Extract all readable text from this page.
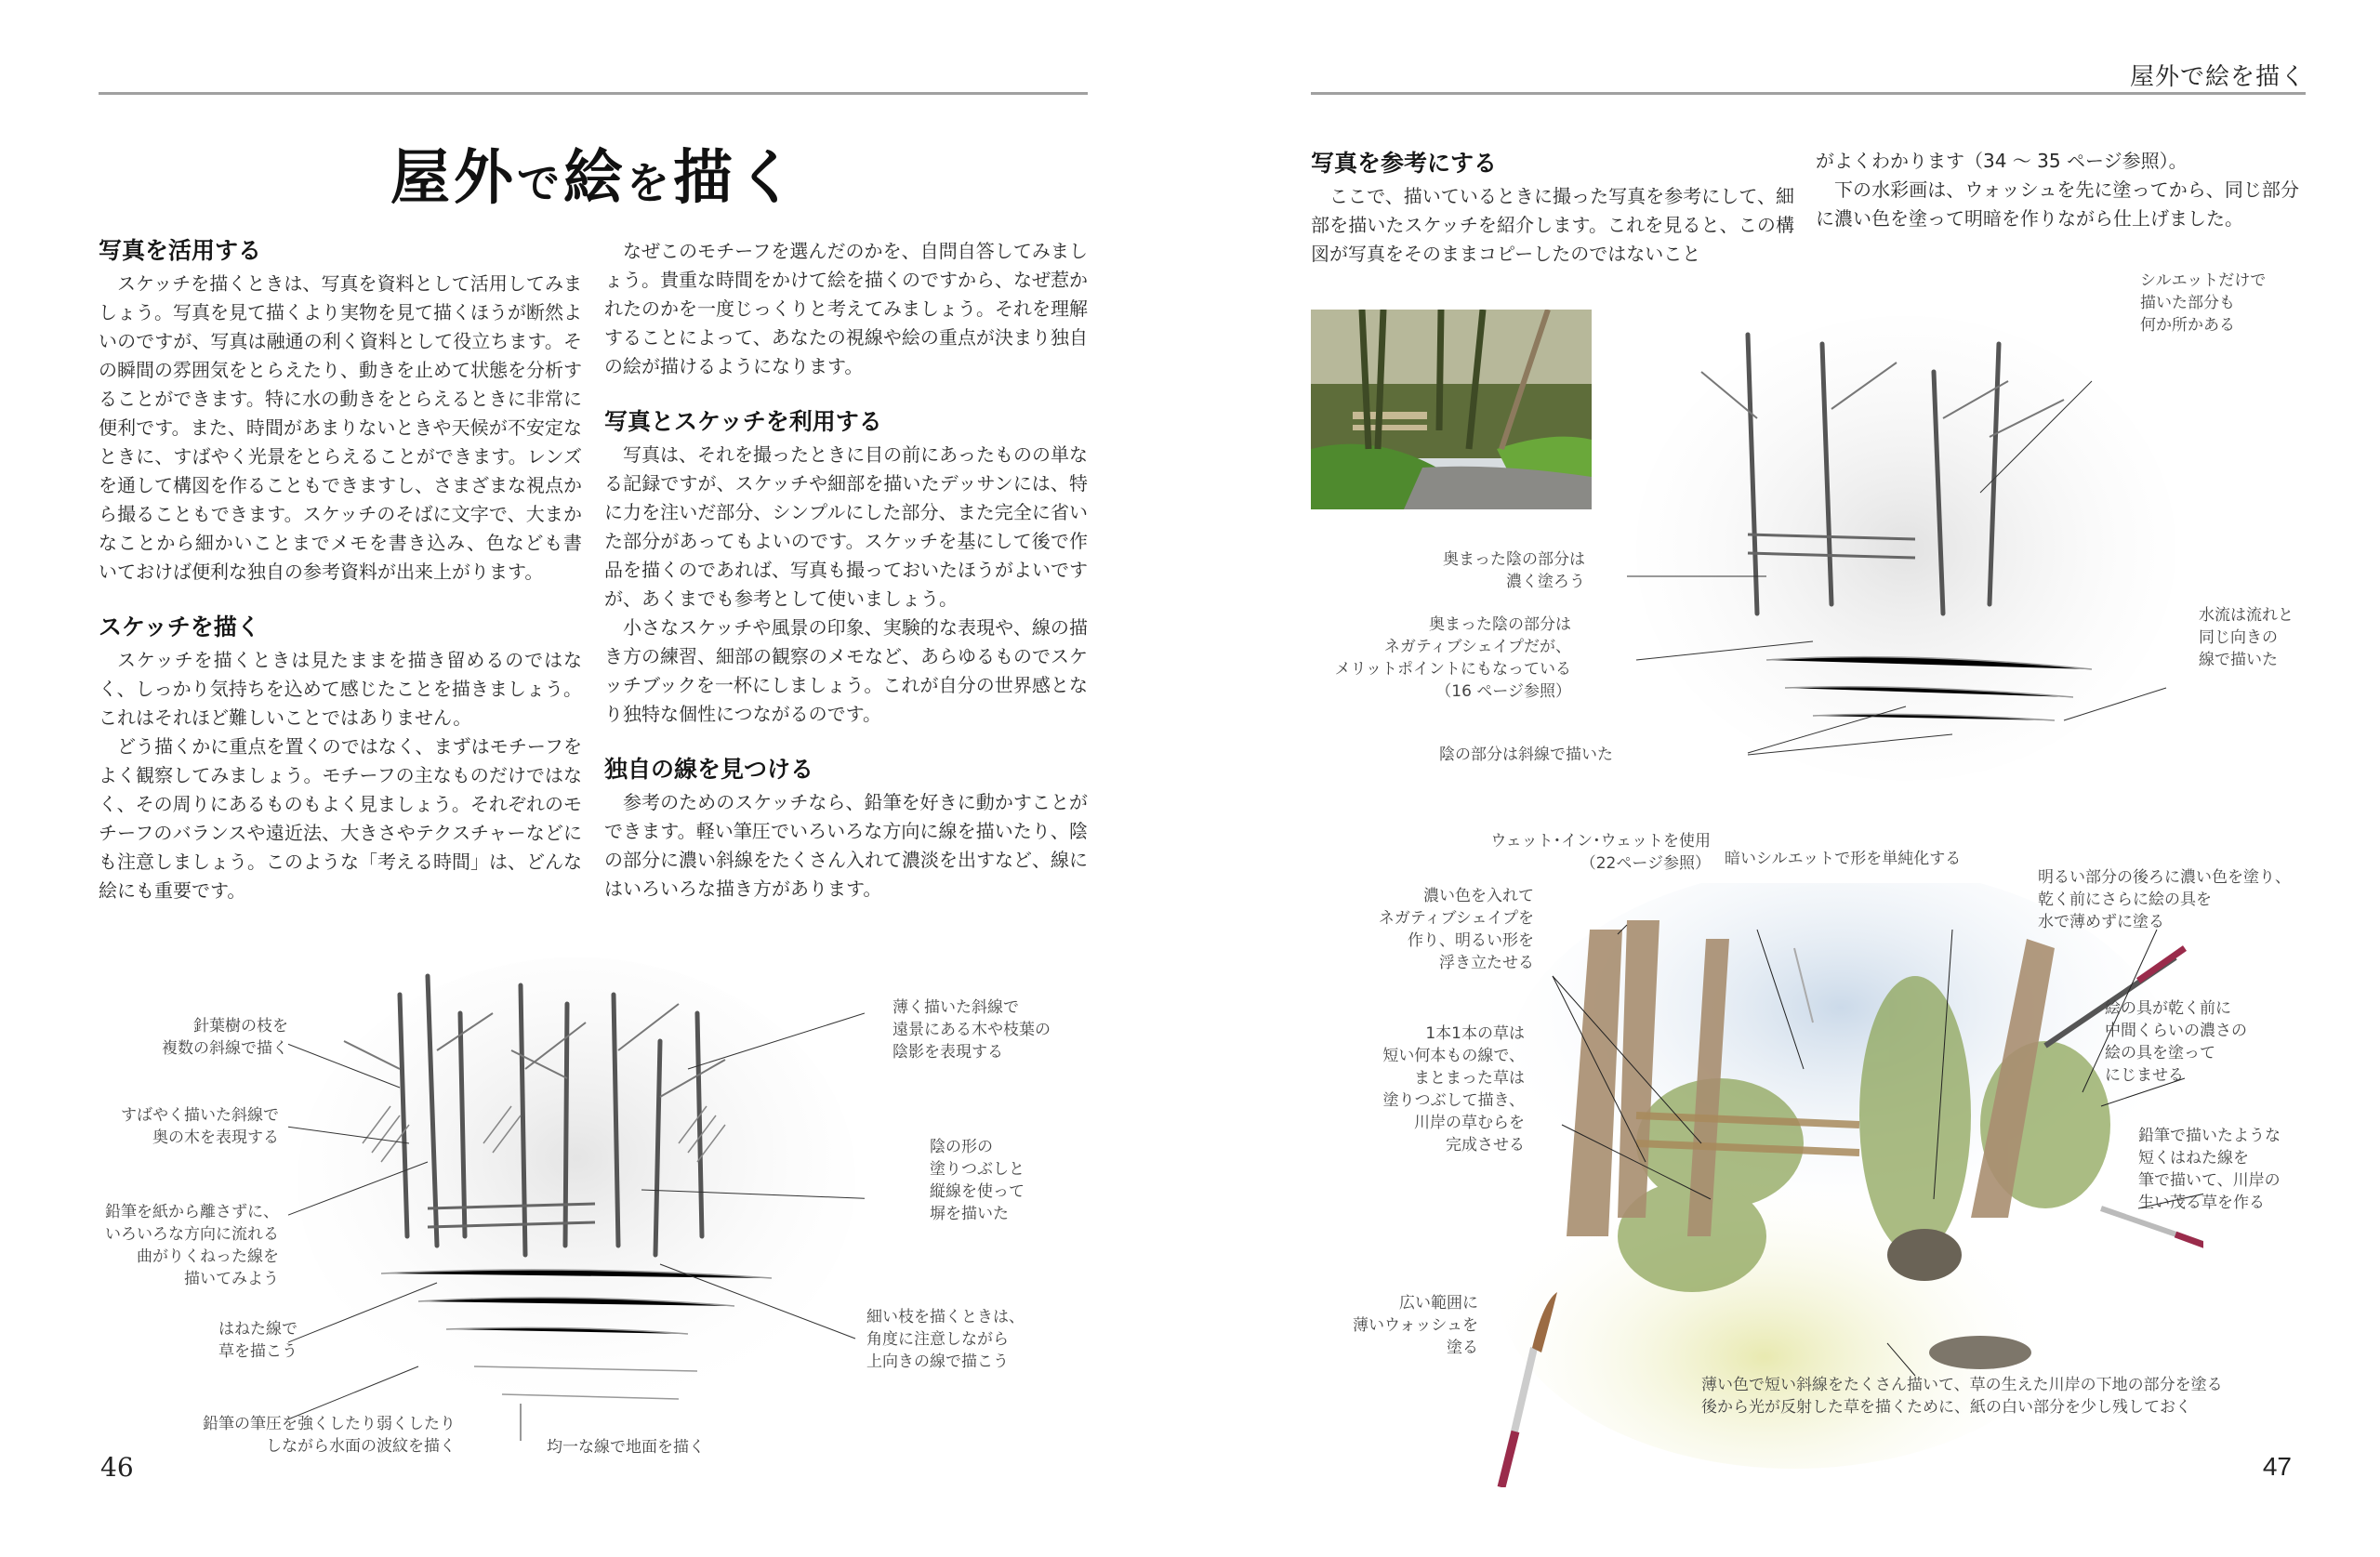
屋外で絵を描く
写真を活用する

スケッチを描くときは、写真を資料として活用してみましょう。写真を見て描くより実物を見て描くほうが断然よいのですが、写真は融通の利く資料として役立ちます。その瞬間の雰囲気をとらえたり、動きを止めて状態を分析することができます。特に水の動きをとらえるときに非常に便利です。また、時間があまりないときや天候が不安定なときに、すばやく光景をとらえることができます。レンズを通して構図を作ることもできますし、さまざまな視点から撮ることもできます。スケッチのそばに文字で、大まかなことから細かいことまでメモを書き込み、色なども書いておけば便利な独自の参考資料が出来上がります。

スケッチを描く

スケッチを描くときは見たままを描き留めるのではなく、しっかり気持ちを込めて感じたことを描きましょう。これはそれほど難しいことではありません。

どう描くかに重点を置くのではなく、まずはモチーフをよく観察してみましょう。モチーフの主なものだけではなく、その周りにあるものもよく見ましょう。それぞれのモチーフのバランスや遠近法、大きさやテクスチャーなどにも注意しましょう。このような「考える時間」は、どんな絵にも重要です。

なぜこのモチーフを選んだのかを、自問自答してみましょう。貴重な時間をかけて絵を描くのですから、なぜ惹かれたのかを一度じっくりと考えてみましょう。それを理解することによって、あなたの視線や絵の重点が決まり独自の絵が描けるようになります。

写真とスケッチを利用する

写真は、それを撮ったときに目の前にあったものの単なる記録ですが、スケッチや細部を描いたデッサンには、特に力を注いだ部分、シンプルにした部分、また完全に省いた部分があってもよいのです。スケッチを基にして後で作品を描くのであれば、写真も撮っておいたほうがよいですが、あくまでも参考として使いましょう。

小さなスケッチや風景の印象、実験的な表現や、線の描き方の練習、細部の観察のメモなど、あらゆるものでスケッチブックを一杯にしましょう。これが自分の世界感となり独特な個性につながるのです。

独自の線を見つける

参考のためのスケッチなら、鉛筆を好きに動かすことができます。軽い筆圧でいろいろな方向に線を描いたり、陰の部分に濃い斜線をたくさん入れて濃淡を出すなど、線にはいろいろな描き方があります。

針葉樹の枝を
複数の斜線で描く
すばやく描いた斜線で
奥の木を表現する
鉛筆を紙から離さずに、
いろいろな方向に流れる
曲がりくねった線を
描いてみよう
はねた線で
草を描こう
鉛筆の筆圧を強くしたり弱くしたり
しながら水面の波紋を描く	均一な線で地面を描く
薄く描いた斜線で
遠景にある木や枝葉の
陰影を表現する
陰の形の
塗りつぶしと
縦線を使って
塀を描いた
細い枝を描くときは、
角度に注意しながら
上向きの線で描こう
46
屋外で絵を描く
写真を参考にする

ここで、描いているときに撮った写真を参考にして、細部を描いたスケッチを紹介します。これを見ると、この構図が写真をそのままコピーしたのではないこと

がよくわかります（34 ～ 35 ページ参照）。

下の水彩画は、ウォッシュを先に塗ってから、同じ部分に濃い色を塗って明暗を作りながら仕上げました。

シルエットだけで
描いた部分も
何か所かある
奥まった陰の部分は
濃く塗ろう
奥まった陰の部分は
ネガティブシェイプだが、
メリットポイントにもなっている
（16 ページ参照）
水流は流れと
同じ向きの
線で描いた
陰の部分は斜線で描いた
ウェット･イン･ウェットを使用
（22ページ参照） 暗いシルエットで形を単純化する
濃い色を入れて
ネガティブシェイプを
作り、明るい形を
浮き立たせる
1本1本の草は
短い何本もの線で、
まとまった草は
塗りつぶして描き、
川岸の草むらを
完成させる
明るい部分の後ろに濃い色を塗り、
乾く前にさらに絵の具を
水で薄めずに塗る
絵の具が乾く前に
中間くらいの濃さの
絵の具を塗って
にじませる
鉛筆で描いたような
短くはねた線を
筆で描いて、川岸の
生い茂る草を作る
広い範囲に
薄いウォッシュを
塗る
薄い色で短い斜線をたくさん描いて、草の生えた川岸の下地の部分を塗る
後から光が反射した草を描くために、紙の白い部分を少し残しておく
47
